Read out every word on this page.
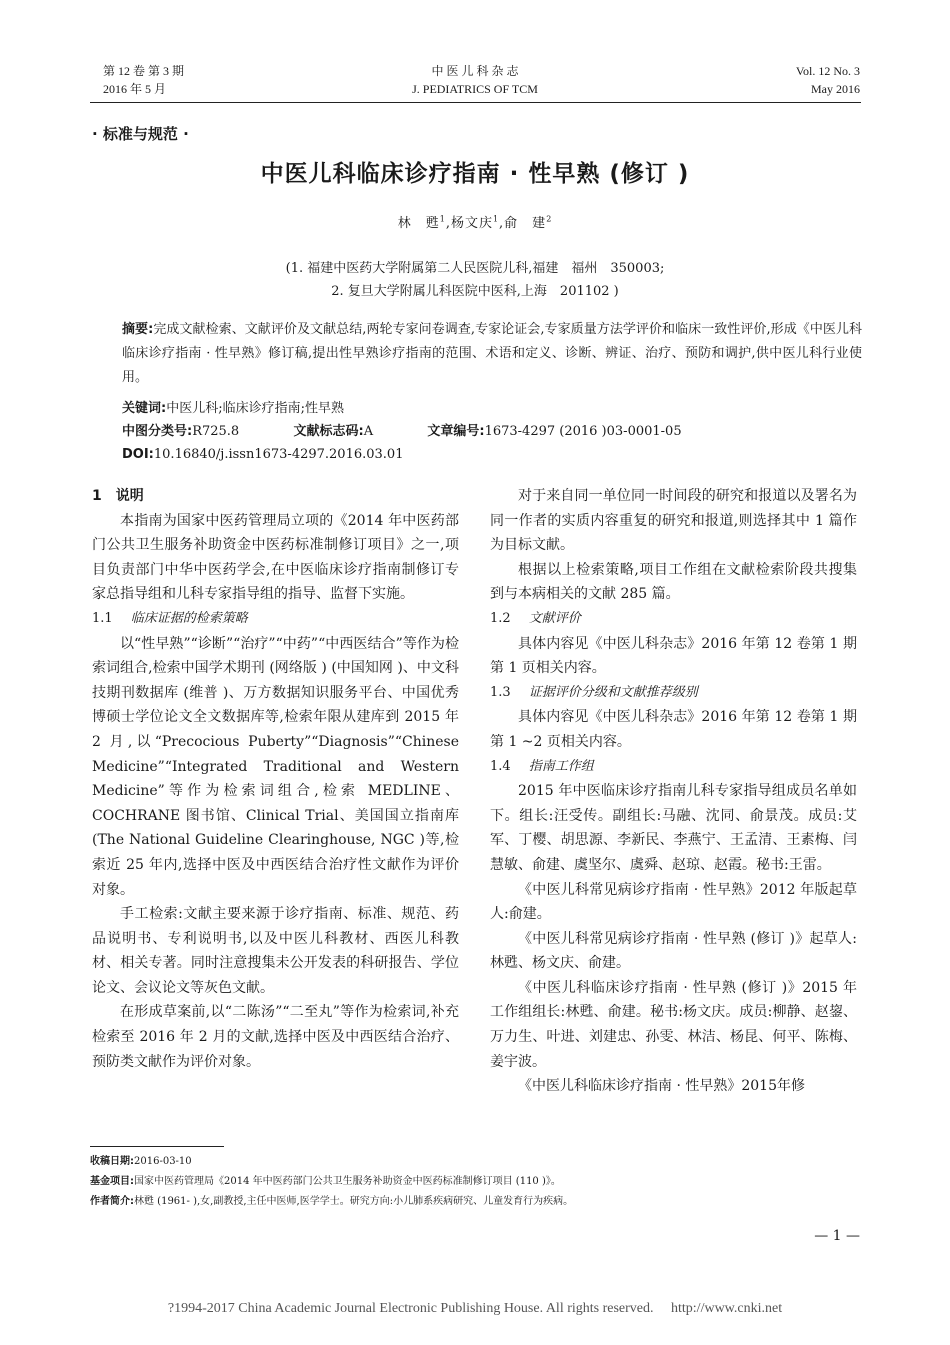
第 12 卷 第 3 期
2016 年 5 月
中 医 儿 科 杂 志
J. PEDIATRICS OF TCM
Vol. 12 No. 3
May 2016
· 标准与规范 ·
中医儿科临床诊疗指南 · 性早熟 (修订 )
林　甦$^1$,杨文庆$^1$,俞　建$^2$
(1. 福建中医药大学附属第二人民医院儿科,福建　福州　350003;
2. 复旦大学附属儿科医院中医科,上海　201102 )
摘要:完成文献检索、文献评价及文献总结,两轮专家问卷调查,专家论证会,专家质量方法学评价和临床一致性评价,形成《中医儿科临床诊疗指南 · 性早熟》修订稿,提出性早熟诊疗指南的范围、术语和定义、诊断、辨证、治疗、预防和调护,供中医儿科行业使用。
关键词:中医儿科;临床诊疗指南;性早熟
中图分类号:R725.8	文献标志码:A	文章编号:1673-4297 (2016 )03-0001-05
DOI:10.16840/j.issn1673-4297.2016.03.01
1　说明

本指南为国家中医药管理局立项的《2014 年中医药部门公共卫生服务补助资金中医药标准制修订项目》之一,项目负责部门中华中医药学会,在中医临床诊疗指南制修订专家总指导组和儿科专家指导组的指导、监督下实施。

1.1 临床证据的检索策略

以“性早熟”“诊断”“治疗”“中药”“中西医结合”等作为检索词组合,检索中国学术期刊 (网络版 ) (中国知网 )、中文科技期刊数据库 (维普 )、万方数据知识服务平台、中国优秀博硕士学位论文全文数据库等,检索年限从建库到 2015 年 2 月,以“Precocious Puberty”“Diagnosis”“Chinese Medicine”“Integrated Traditional and Western Medicine”等作为检索词组合,检索 MEDLINE、COCHRANE 图书馆、Clinical Trial、美国国立指南库 (The National Guideline Clearinghouse, NGC )等,检索近 25 年内,选择中医及中西医结合治疗性文献作为评价对象。

手工检索:文献主要来源于诊疗指南、标准、规范、药品说明书、专利说明书,以及中医儿科教材、西医儿科教材、相关专著。同时注意搜集未公开发表的科研报告、学位论文、会议论文等灰色文献。

在形成草案前,以“二陈汤”“二至丸”等作为检索词,补充检索至 2016 年 2 月的文献,选择中医及中西医结合治疗、预防类文献作为评价对象。

对于来自同一单位同一时间段的研究和报道以及署名为同一作者的实质内容重复的研究和报道,则选择其中 1 篇作为目标文献。

根据以上检索策略,项目工作组在文献检索阶段共搜集到与本病相关的文献 285 篇。

1.2 文献评价

具体内容见《中医儿科杂志》2016 年第 12 卷第 1 期第 1 页相关内容。

1.3 证据评价分级和文献推荐级别

具体内容见《中医儿科杂志》2016 年第 12 卷第 1 期第 1 ~2 页相关内容。

1.4 指南工作组

2015 年中医临床诊疗指南儿科专家指导组成员名单如下。组长:汪受传。副组长:马融、沈同、俞景茂。成员:艾军、丁樱、胡思源、李新民、李燕宁、王孟清、王素梅、闫慧敏、俞建、虞坚尔、虞舜、赵琼、赵霞。秘书:王雷。

《中医儿科常见病诊疗指南 · 性早熟》2012 年版起草人:俞建。

《中医儿科常见病诊疗指南 · 性早熟 (修订 )》起草人:林甦、杨文庆、俞建。

《中医儿科临床诊疗指南 · 性早熟 (修订 )》2015 年工作组组长:林甦、俞建。秘书:杨文庆。成员:柳静、赵鋆、万力生、叶进、刘建忠、孙雯、林洁、杨昆、何平、陈梅、姜宇波。

《中医儿科临床诊疗指南 · 性早熟》2015年修

收稿日期:2016-03-10
基金项目:国家中医药管理局《2014 年中医药部门公共卫生服务补助资金中医药标准制修订项目 (110 )》。
作者简介:林甦 (1961- ),女,副教授,主任中医师,医学学士。研究方向:小儿肺系疾病研究、儿童发育行为疾病。
— 1 —
?1994-2017 China Academic Journal Electronic Publishing House. All rights reserved.　 http://www.cnki.net
